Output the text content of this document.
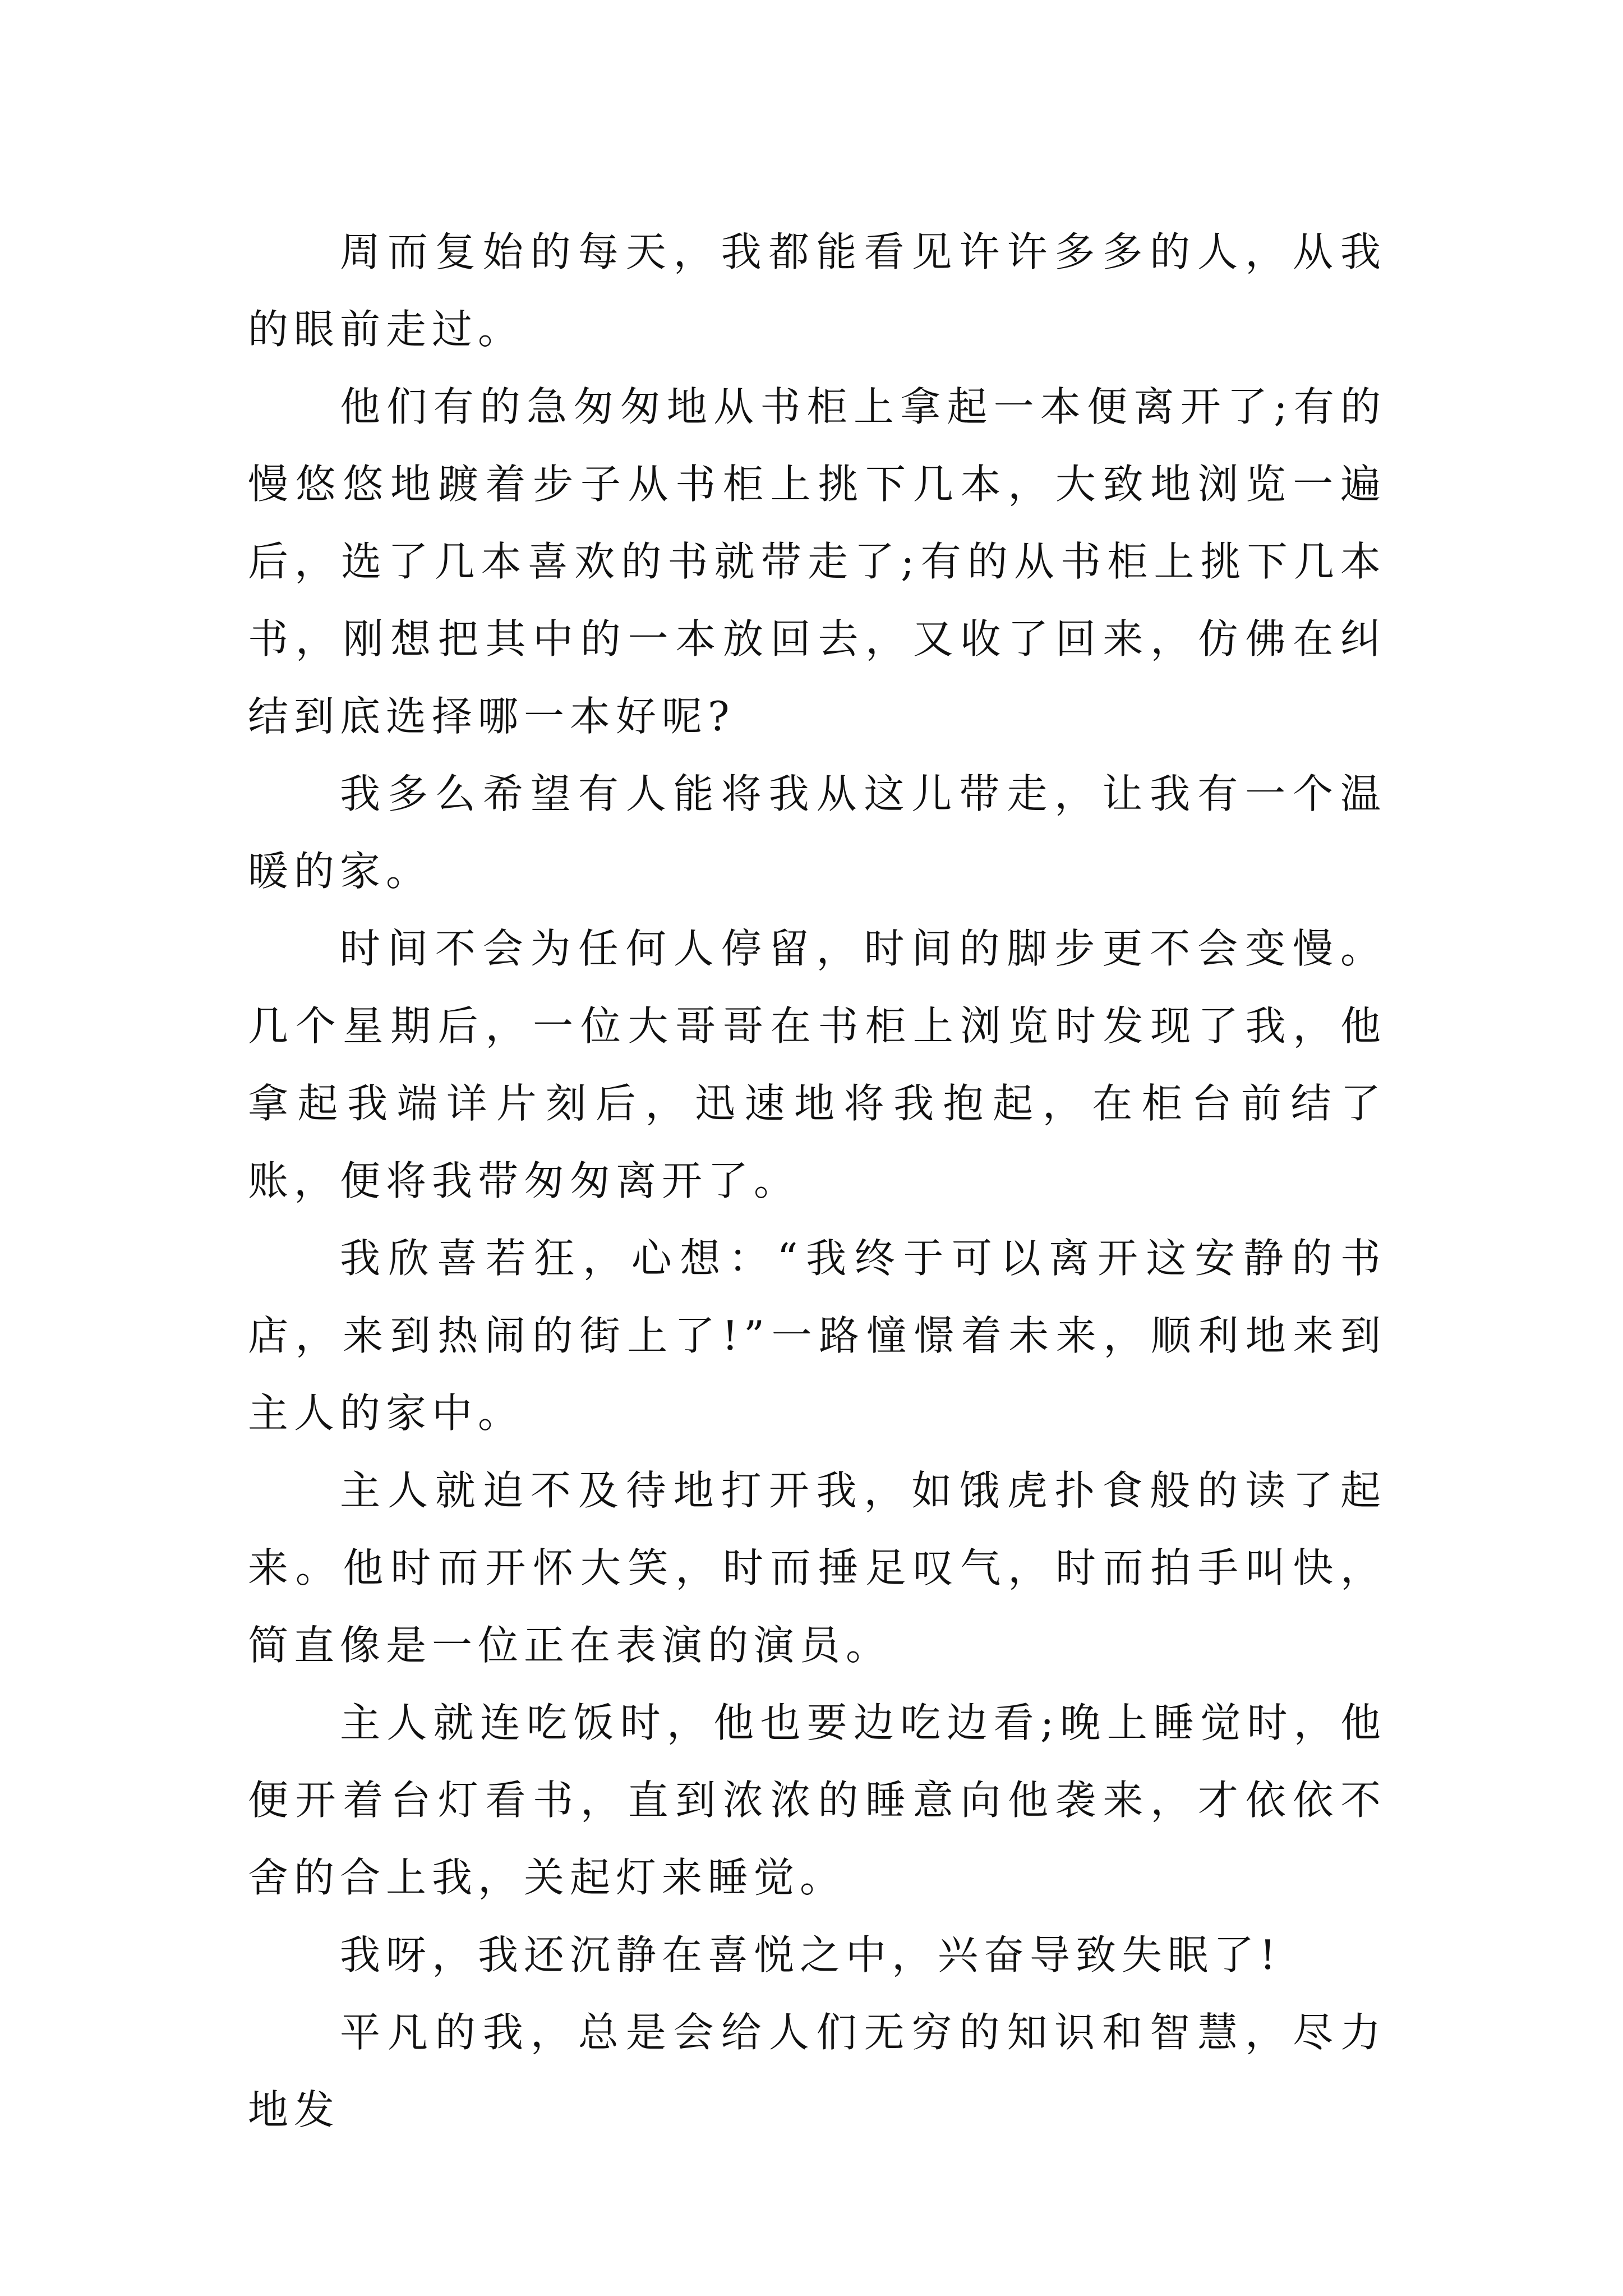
周而复始的每天，我都能看见许许多多的人，从我的眼前走过。

他们有的急匆匆地从书柜上拿起一本便离开了;有的慢悠悠地踱着步子从书柜上挑下几本，大致地浏览一遍后，选了几本喜欢的书就带走了;有的从书柜上挑下几本书，刚想把其中的一本放回去，又收了回来，仿佛在纠结到底选择哪一本好呢?

我多么希望有人能将我从这儿带走，让我有一个温暖的家。

时间不会为任何人停留，时间的脚步更不会变慢。几个星期后，一位大哥哥在书柜上浏览时发现了我，他拿起我端详片刻后，迅速地将我抱起，在柜台前结了账，便将我带匆匆离开了。

我欣喜若狂，心想：“我终于可以离开这安静的书店，来到热闹的街上了!”一路憧憬着未来，顺利地来到主人的家中。

主人就迫不及待地打开我，如饿虎扑食般的读了起来。他时而开怀大笑，时而捶足叹气，时而拍手叫快，简直像是一位正在表演的演员。

主人就连吃饭时，他也要边吃边看;晚上睡觉时，他便开着台灯看书，直到浓浓的睡意向他袭来，才依依不舍的合上我，关起灯来睡觉。

我呀，我还沉静在喜悦之中，兴奋导致失眠了!

平凡的我，总是会给人们无穷的知识和智慧，尽力地发
